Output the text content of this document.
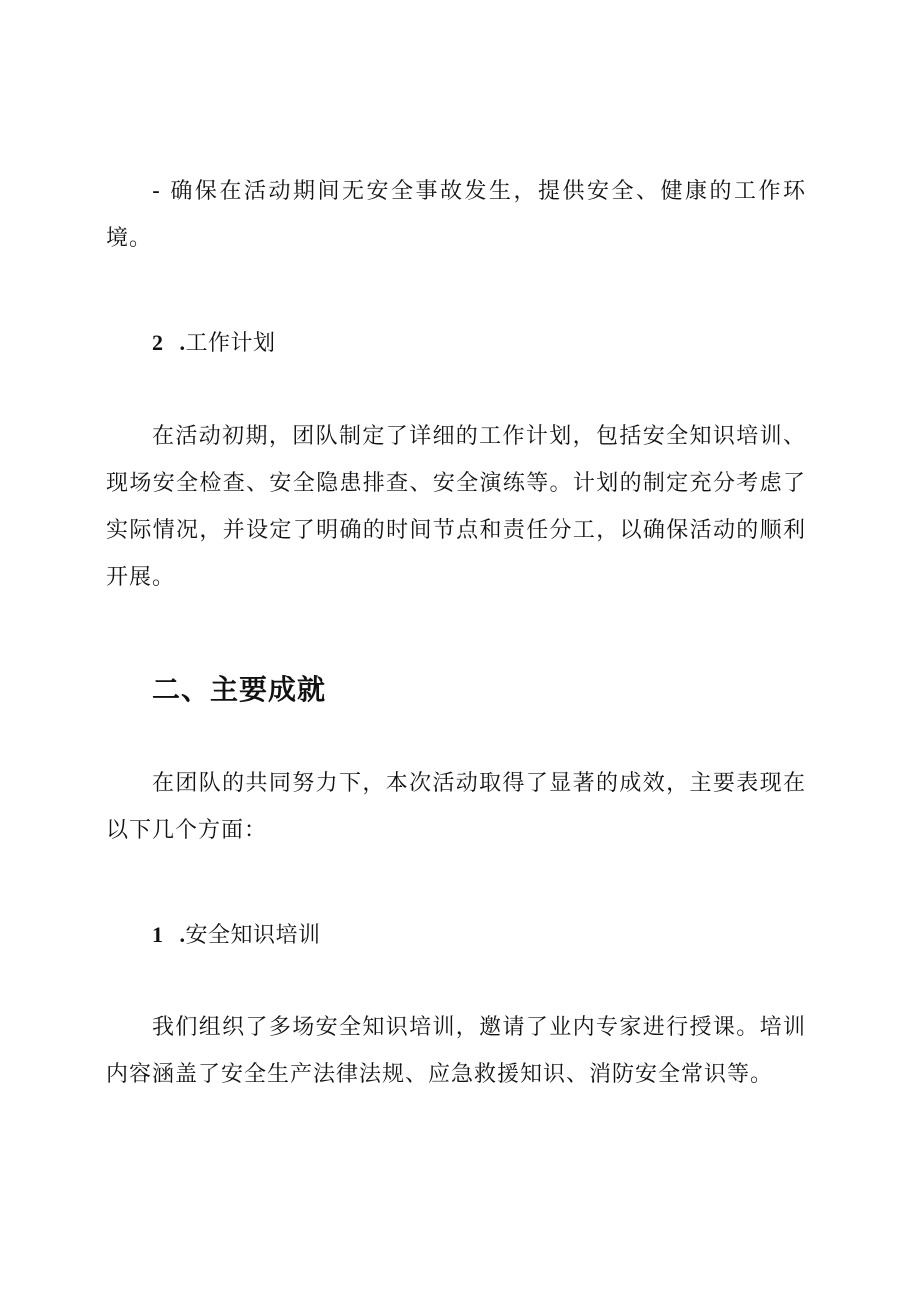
- 确保在活动期间无安全事故发生，提供安全、健康的工作环境。

2 .工作计划

在活动初期，团队制定了详细的工作计划，包括安全知识培训、现场安全检查、安全隐患排查、安全演练等。计划的制定充分考虑了实际情况，并设定了明确的时间节点和责任分工，以确保活动的顺利开展。

二、主要成就

在团队的共同努力下，本次活动取得了显著的成效，主要表现在以下几个方面：

1 .安全知识培训

我们组织了多场安全知识培训，邀请了业内专家进行授课。培训内容涵盖了安全生产法律法规、应急救援知识、消防安全常识等。
